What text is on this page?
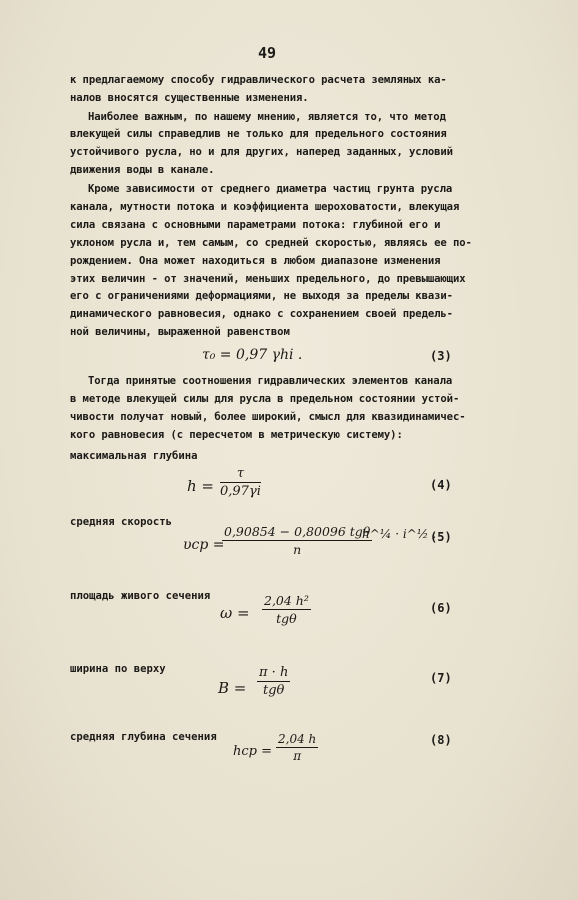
49
к предлагаемому способу гидравлического расчета земляных ка-
налов вносятся существенные изменения.
Наиболее важным, по нашему мнению, является то, что метод
влекущей силы справедлив не только для предельного состояния
устойчивого русла, но и для других, наперед заданных, условий
движения воды в канале.
Кроме зависимости от среднего диаметра частиц грунта русла
канала, мутности потока и коэффициента шероховатости, влекущая
сила связана с основными параметрами потока: глубиной его и
уклоном русла и, тем самым, со средней скоростью, являясь ее по-
рождением. Она может находиться в любом диапазоне изменения
этих величин - от значений, меньших предельного, до превышающих
его с ограничениями деформациями, не выходя за пределы квази-
динамического равновесия, однако с сохранением своей предель-
ной величины, выраженной равенством
τ₀ = 0,97 γhi .	(3)
Тогда принятые соотношения гидравлических элементов канала
в методе влекущей силы для русла в предельном состоянии устой-
чивости получат новый, более широкий, смысл для квазидинамичес-
кого равновесия (с пересчетом в метрическую систему):
максимальная глубина
$h = \frac{\tau}{0,97\gamma i}$	(4)
средняя скорость
υср =
0,90854 − 0,80096 tgθ
n
h^¼ · i^½ ,
(5)
площадь живого сечения
ω =
2,04 h²
tgθ
(6)
ширина по верху
B =
π · h
tgθ
(7)
средняя глубина сечения
hср = $\frac{2,04 h}{\pi}$	(8)
